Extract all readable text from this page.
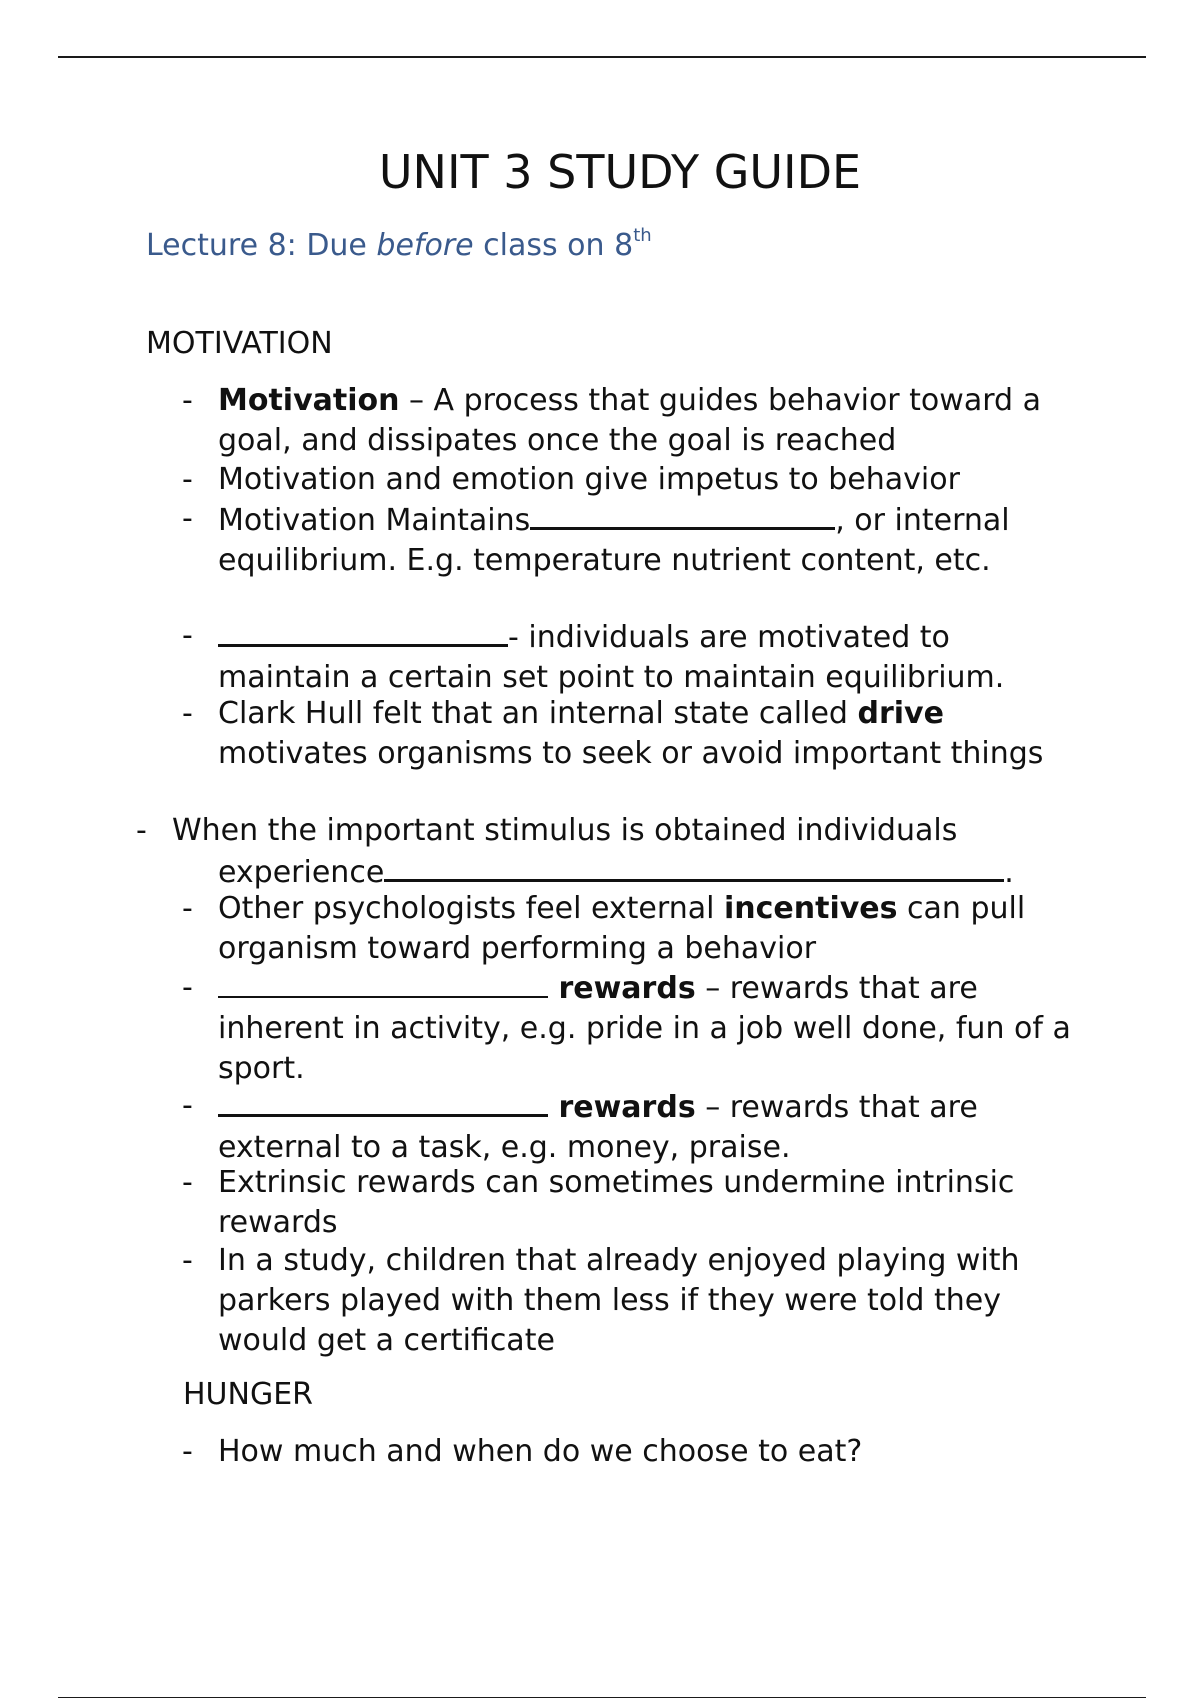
UNIT 3 STUDY GUIDE
Lecture 8: Due before class on 8th
MOTIVATION
- Motivation – A process that guides behavior toward a goal, and dissipates once the goal is reached
- Motivation and emotion give impetus to behavior
- Motivation Maintains	, or internal
equilibrium. E.g. temperature nutrient content, etc.
-	- individuals are motivated to
maintain a certain set point to maintain equilibrium.
- Clark Hull felt that an internal state called drive motivates organisms to seek or avoid important things
- When the important stimulus is obtained individuals
experience	.
- Other psychologists feel external incentives can pull organism toward performing a behavior
-	rewards – rewards that are
inherent in activity, e.g. pride in a job well done, fun of a sport.
-	rewards – rewards that are
external to a task, e.g. money, praise.
- Extrinsic rewards can sometimes undermine intrinsic rewards
- In a study, children that already enjoyed playing with parkers played with them less if they were told they would get a certificate
HUNGER
- How much and when do we choose to eat?
